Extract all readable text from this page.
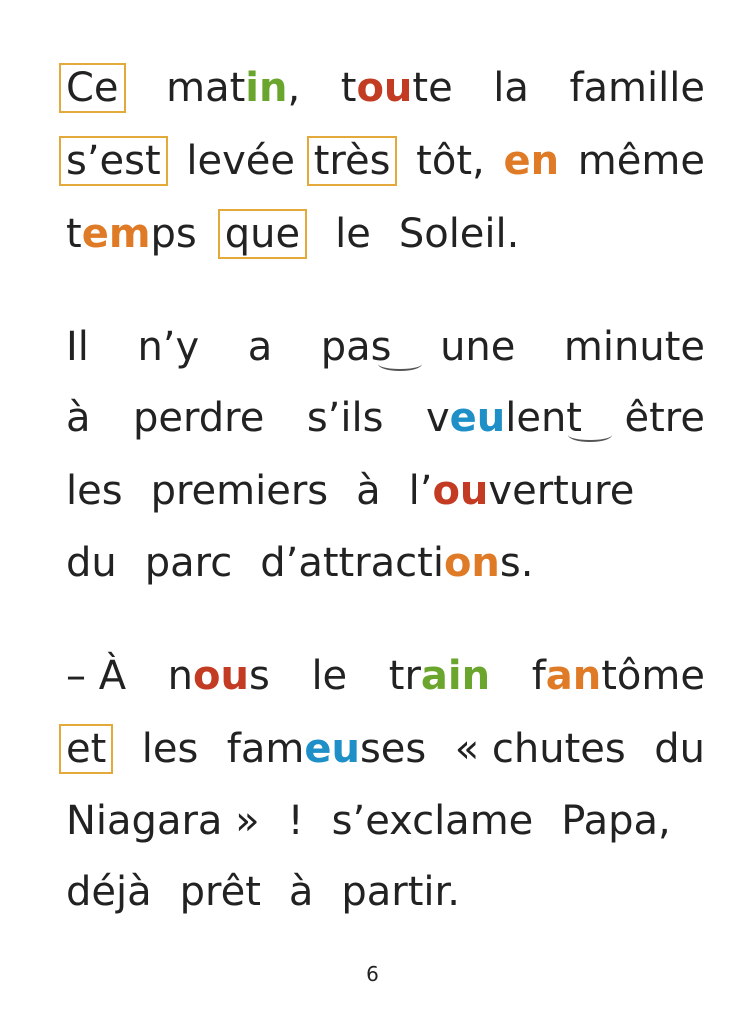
Ce matin, toute la famille
s’est levée très tôt, en même
temps que le Soleil.
Il n’y a pas une minute
à perdre s’ils veulent être
les premiers à l’ouverture
du parc d’attractions.
– À nous le train fantôme
et les fameuses « chutes du
Niagara » ! s’exclame Papa,
déjà prêt à partir.
6
